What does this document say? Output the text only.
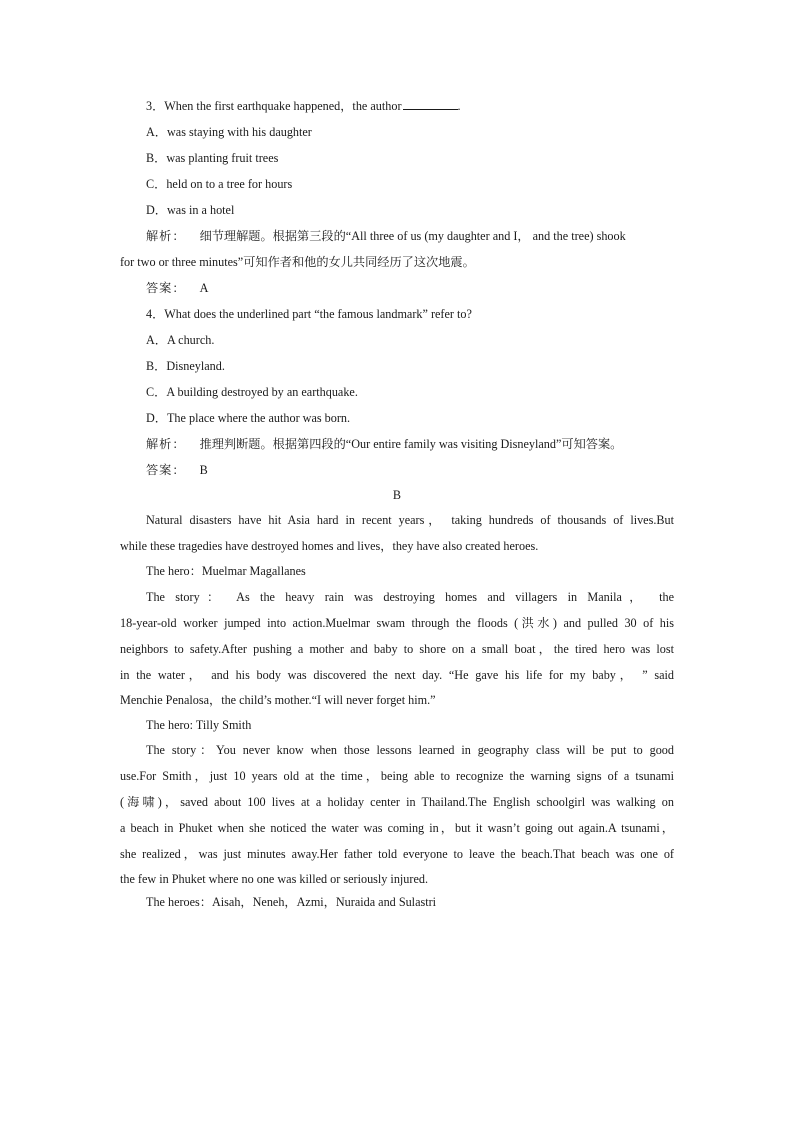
3．When the first earthquake happened，the author	.
A．was staying with his daughter
B．was planting fruit trees
C．held on to a tree for hours
D．was in a hotel
解析： 细节理解题。根据第三段的“All three of us (my daughter and I， and the tree) shook
for two or three minutes”可知作者和他的女儿共同经历了这次地震。
答案： A
4．What does the underlined part “the famous landmark” refer to?
A．A church.
B．Disneyland.
C．A building destroyed by an earthquake.
D．The place where the author was born.
解析： 推理判断题。根据第四段的“Our entire family was visiting Disneyland”可知答案。
答案： B
B
Natural disasters have hit Asia hard in recent years， taking hundreds of thousands of lives.But
while these tragedies have destroyed homes and lives，they have also created heroes.
The hero：Muelmar Magallanes
The story： As the heavy rain was destroying homes and villagers in Manila， the
18-year-old worker jumped into action.Muelmar swam through the floods (洪水) and pulled 30 of his
neighbors to safety.After pushing a mother and baby to shore on a small boat，the tired hero was lost
in the water， and his body was discovered the next day. “He gave his life for my baby， ” said
Menchie Penalosa，the child’s mother.“I will never forget him.”
The hero: Tilly Smith
The story：You never know when those lessons learned in geography class will be put to good
use.For Smith，just 10 years old at the time，being able to recognize the warning signs of a tsunami
(海啸)，saved about 100 lives at a holiday center in Thailand.The English schoolgirl was walking on
a beach in Phuket when she noticed the water was coming in，but it wasn’t going out again.A tsunami，
she realized，was just minutes away.Her father told everyone to leave the beach.That beach was one of
the few in Phuket where no one was killed or seriously injured.
The heroes：Aisah，Neneh，Azmi，Nuraida and Sulastri
